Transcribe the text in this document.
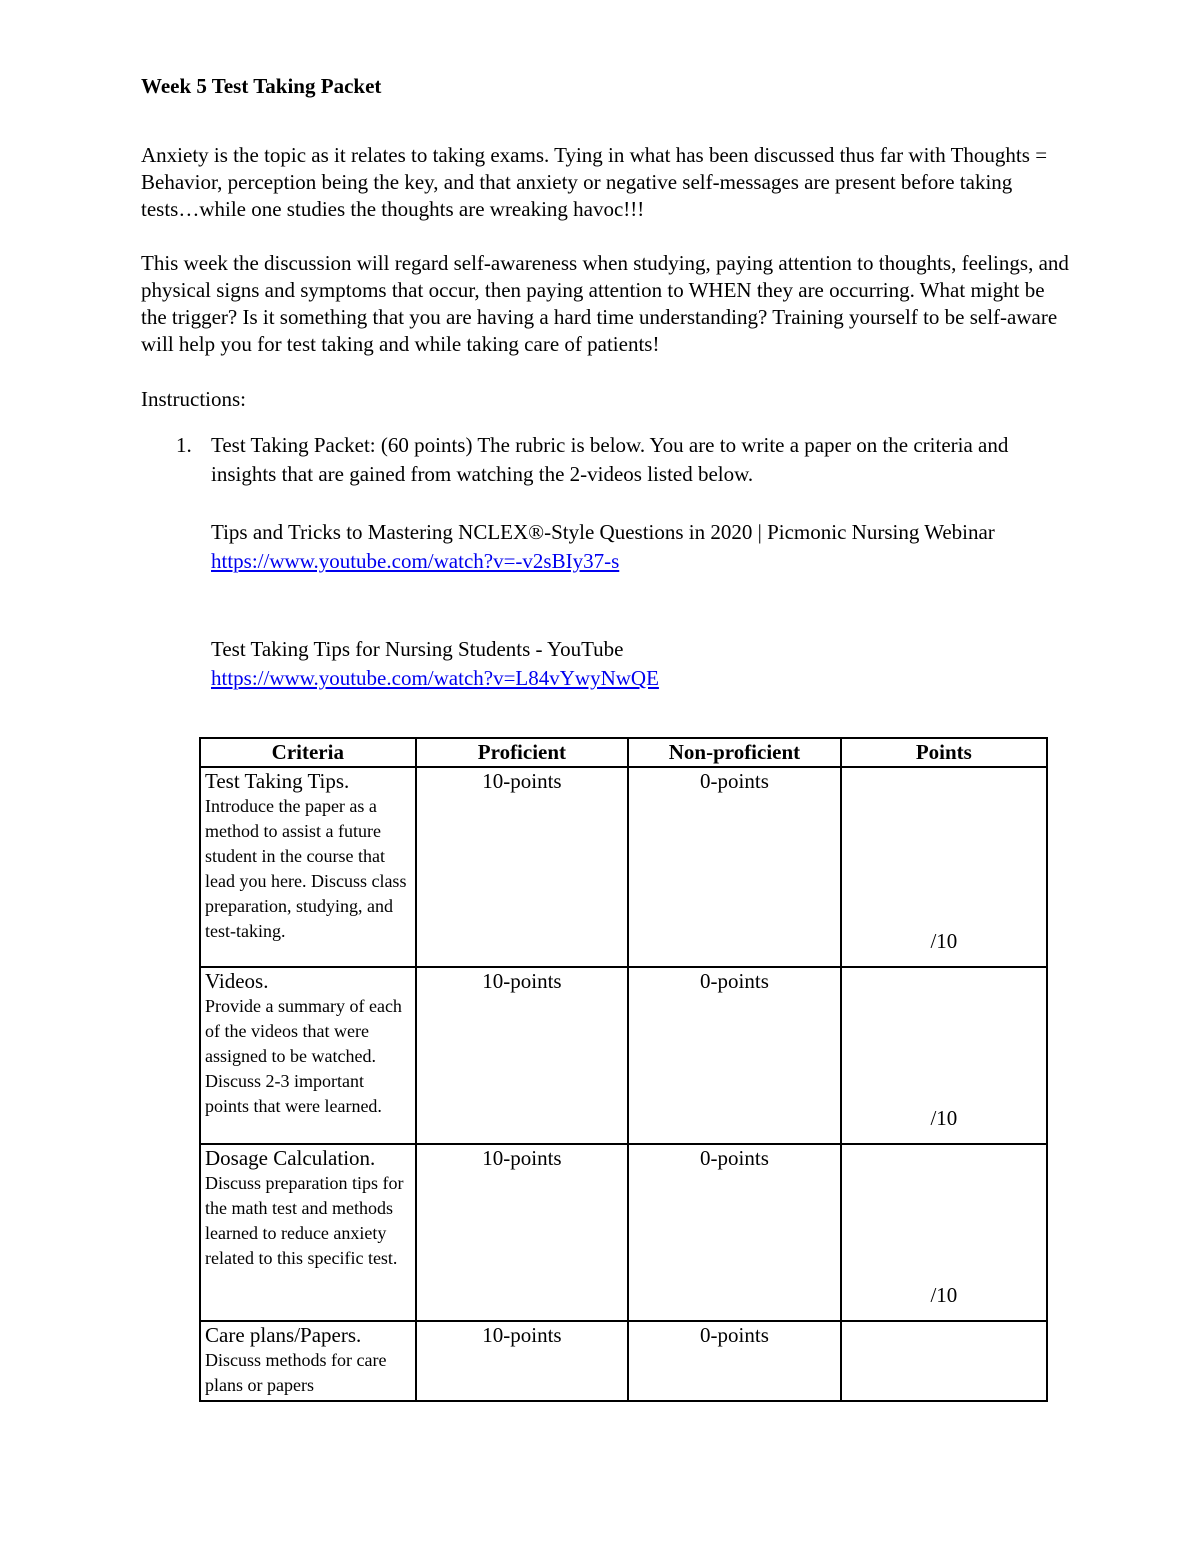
Week 5 Test Taking Packet
Anxiety is the topic as it relates to taking exams. Tying in what has been discussed thus far with Thoughts = Behavior, perception being the key, and that anxiety or negative self-messages are present before taking tests…while one studies the thoughts are wreaking havoc!!!
This week the discussion will regard self-awareness when studying, paying attention to thoughts, feelings, and physical signs and symptoms that occur, then paying attention to WHEN they are occurring. What might be the trigger? Is it something that you are having a hard time understanding? Training yourself to be self-aware will help you for test taking and while taking care of patients!
Instructions:
1. Test Taking Packet: (60 points) The rubric is below. You are to write a paper on the criteria and insights that are gained from watching the 2-videos listed below.
Tips and Tricks to Mastering NCLEX®-Style Questions in 2020 | Picmonic Nursing Webinar
https://www.youtube.com/watch?v=-v2sBIy37-s
Test Taking Tips for Nursing Students - YouTube
https://www.youtube.com/watch?v=L84vYwyNwQE
Criteria	Proficient	Non-proficient	Points

Test Taking Tips.
Introduce the paper as a method to assist a future student in the course that lead you here. Discuss class preparation, studying, and test-taking.	10-points	0-points	/10

Videos.
Provide a summary of each of the videos that were assigned to be watched. Discuss 2-3 important points that were learned.	10-points	0-points	/10

Dosage Calculation.
Discuss preparation tips for the math test and methods learned to reduce anxiety related to this specific test.	10-points	0-points	/10

Care plans/Papers.
Discuss methods for care plans or papers	10-points	0-points	
